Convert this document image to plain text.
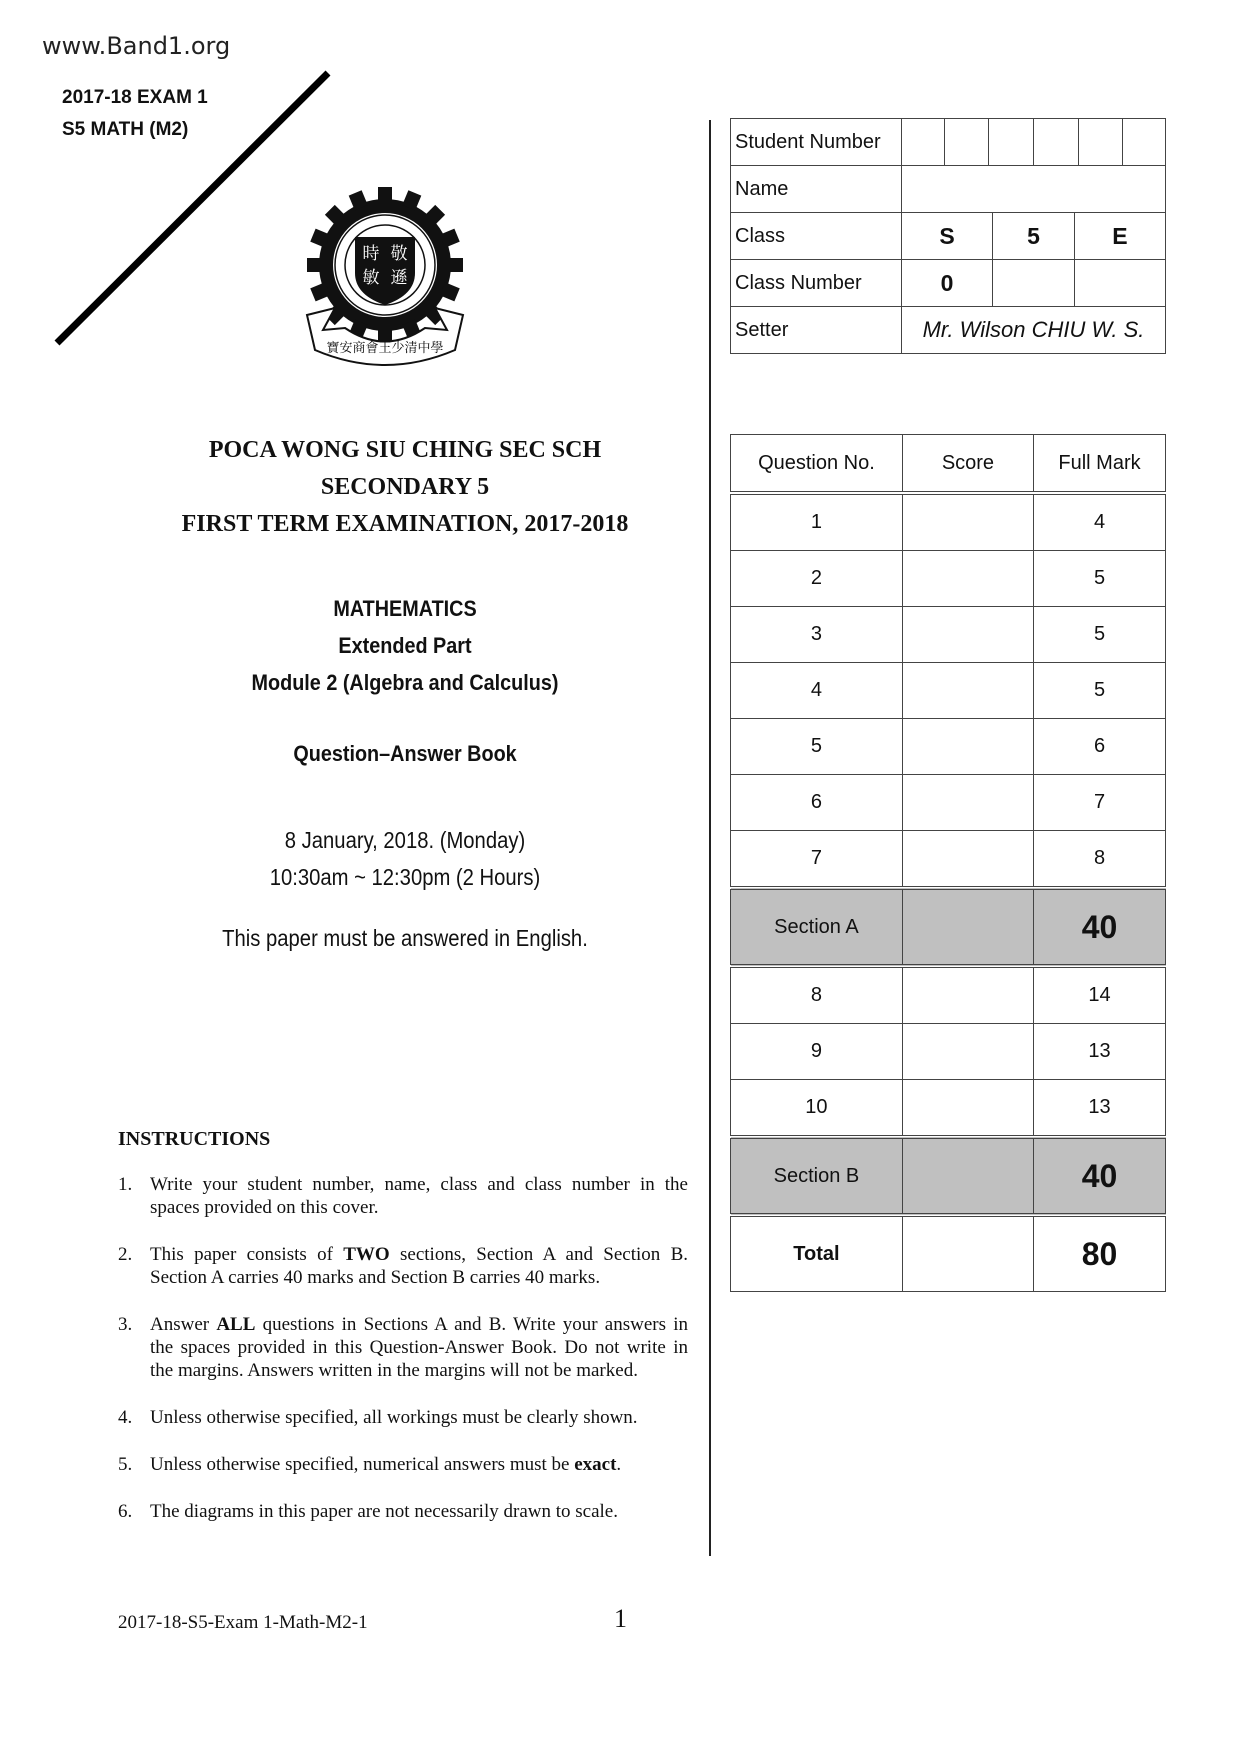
www.Band1.org
2017-18 EXAM 1
S5 MATH (M2)
時 敬
敏 遜
寶安商會王少清中學
Student Number	

Name	
Class	S	5	E
Class Number	0		
Setter	Mr. Wilson CHIU W. S.
POCA WONG SIU CHING SEC SCH
SECONDARY 5
FIRST TERM EXAMINATION, 2017-2018
MATHEMATICS
Extended Part
Module 2 (Algebra and Calculus)
Question–Answer Book
8 January, 2018. (Monday)
10:30am ~ 12:30pm (2 Hours)
This paper must be answered in English.
Question No.	Score	Full Mark
1		4
2		5
3		5
4		5
5		6
6		7
7		8
Section A		40
8		14
9		13
10		13
Section B		40
Total		80
INSTRUCTIONS
1. Write your student number, name, class and class number in the spaces provided on this cover.
2. This paper consists of TWO sections, Section A and Section B. Section A carries 40 marks and Section B carries 40 marks.
3. Answer ALL questions in Sections A and B. Write your answers in the spaces provided in this Question-Answer Book. Do not write in the margins. Answers written in the margins will not be marked.
4. Unless otherwise specified, all workings must be clearly shown.
5. Unless otherwise specified, numerical answers must be exact.
6. The diagrams in this paper are not necessarily drawn to scale.
2017-18-S5-Exam 1-Math-M2-1	1
